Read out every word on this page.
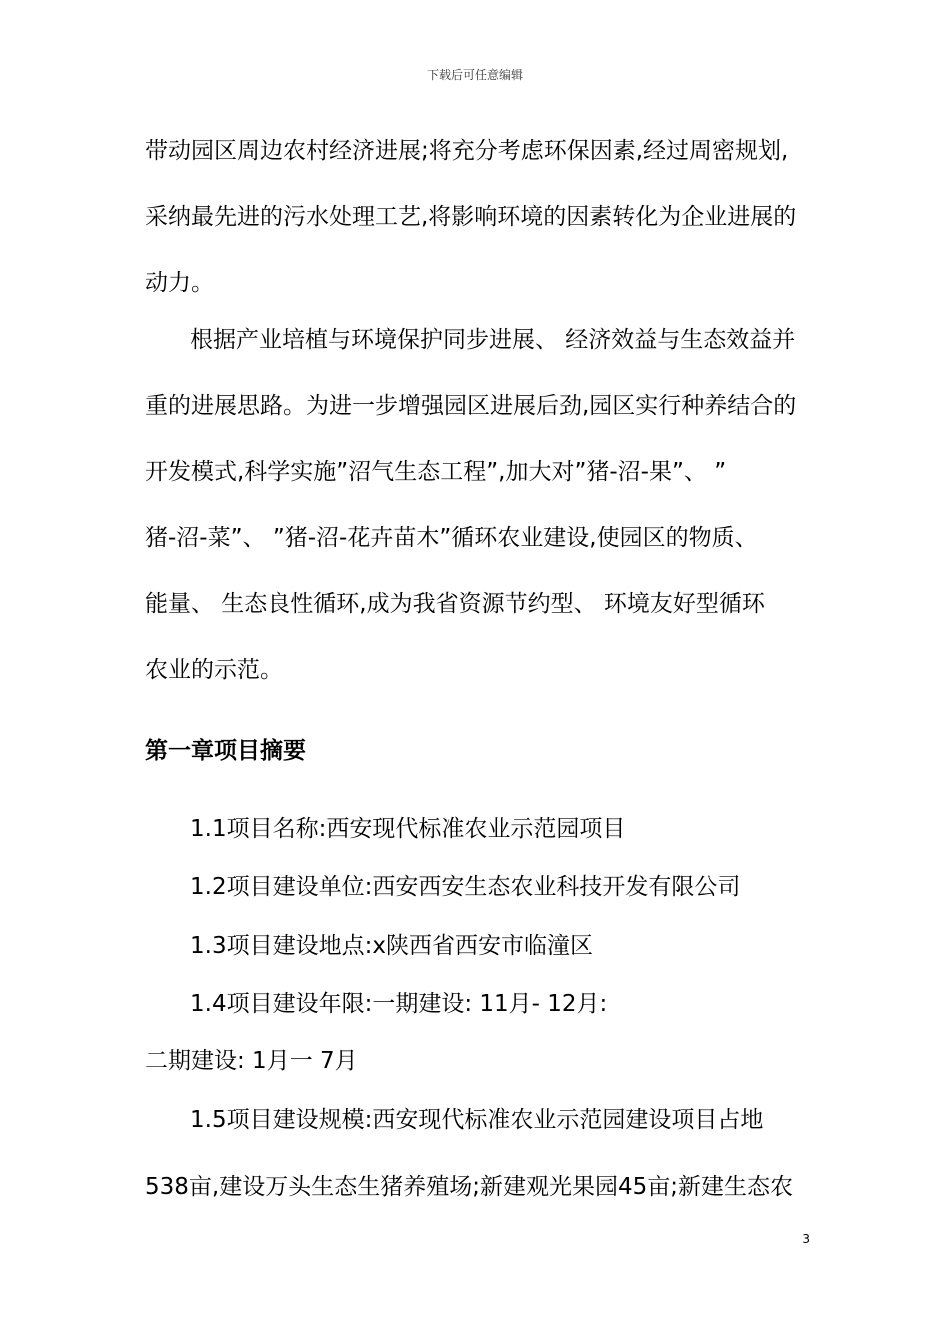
下载后可任意编辑
带动园区周边农村经济进展;将充分考虑环保因素,经过周密规划,
采纳最先进的污水处理工艺,将影响环境的因素转化为企业进展的
动力。
根据产业培植与环境保护同步进展、 经济效益与生态效益并
重的进展思路。为进一步增强园区进展后劲,园区实行种养结合的
开发模式,科学实施”沼气生态工程”,加大对”猪-沼-果”、 ”
猪-沼-菜”、 ”猪-沼-花卉苗木”循环农业建设,使园区的物质、
能量、 生态良性循环,成为我省资源节约型、 环境友好型循环
农业的示范。
第一章项目摘要
1.1项目名称:西安现代标准农业示范园项目
1.2项目建设单位:西安西安生态农业科技开发有限公司
1.3项目建设地点:x陕西省西安市临潼区
1.4项目建设年限:一期建设: 11月- 12月:
二期建设: 1月一 7月
1.5项目建设规模:西安现代标准农业示范园建设项目占地
538亩,建设万头生态生猪养殖场;新建观光果园45亩;新建生态农
3
